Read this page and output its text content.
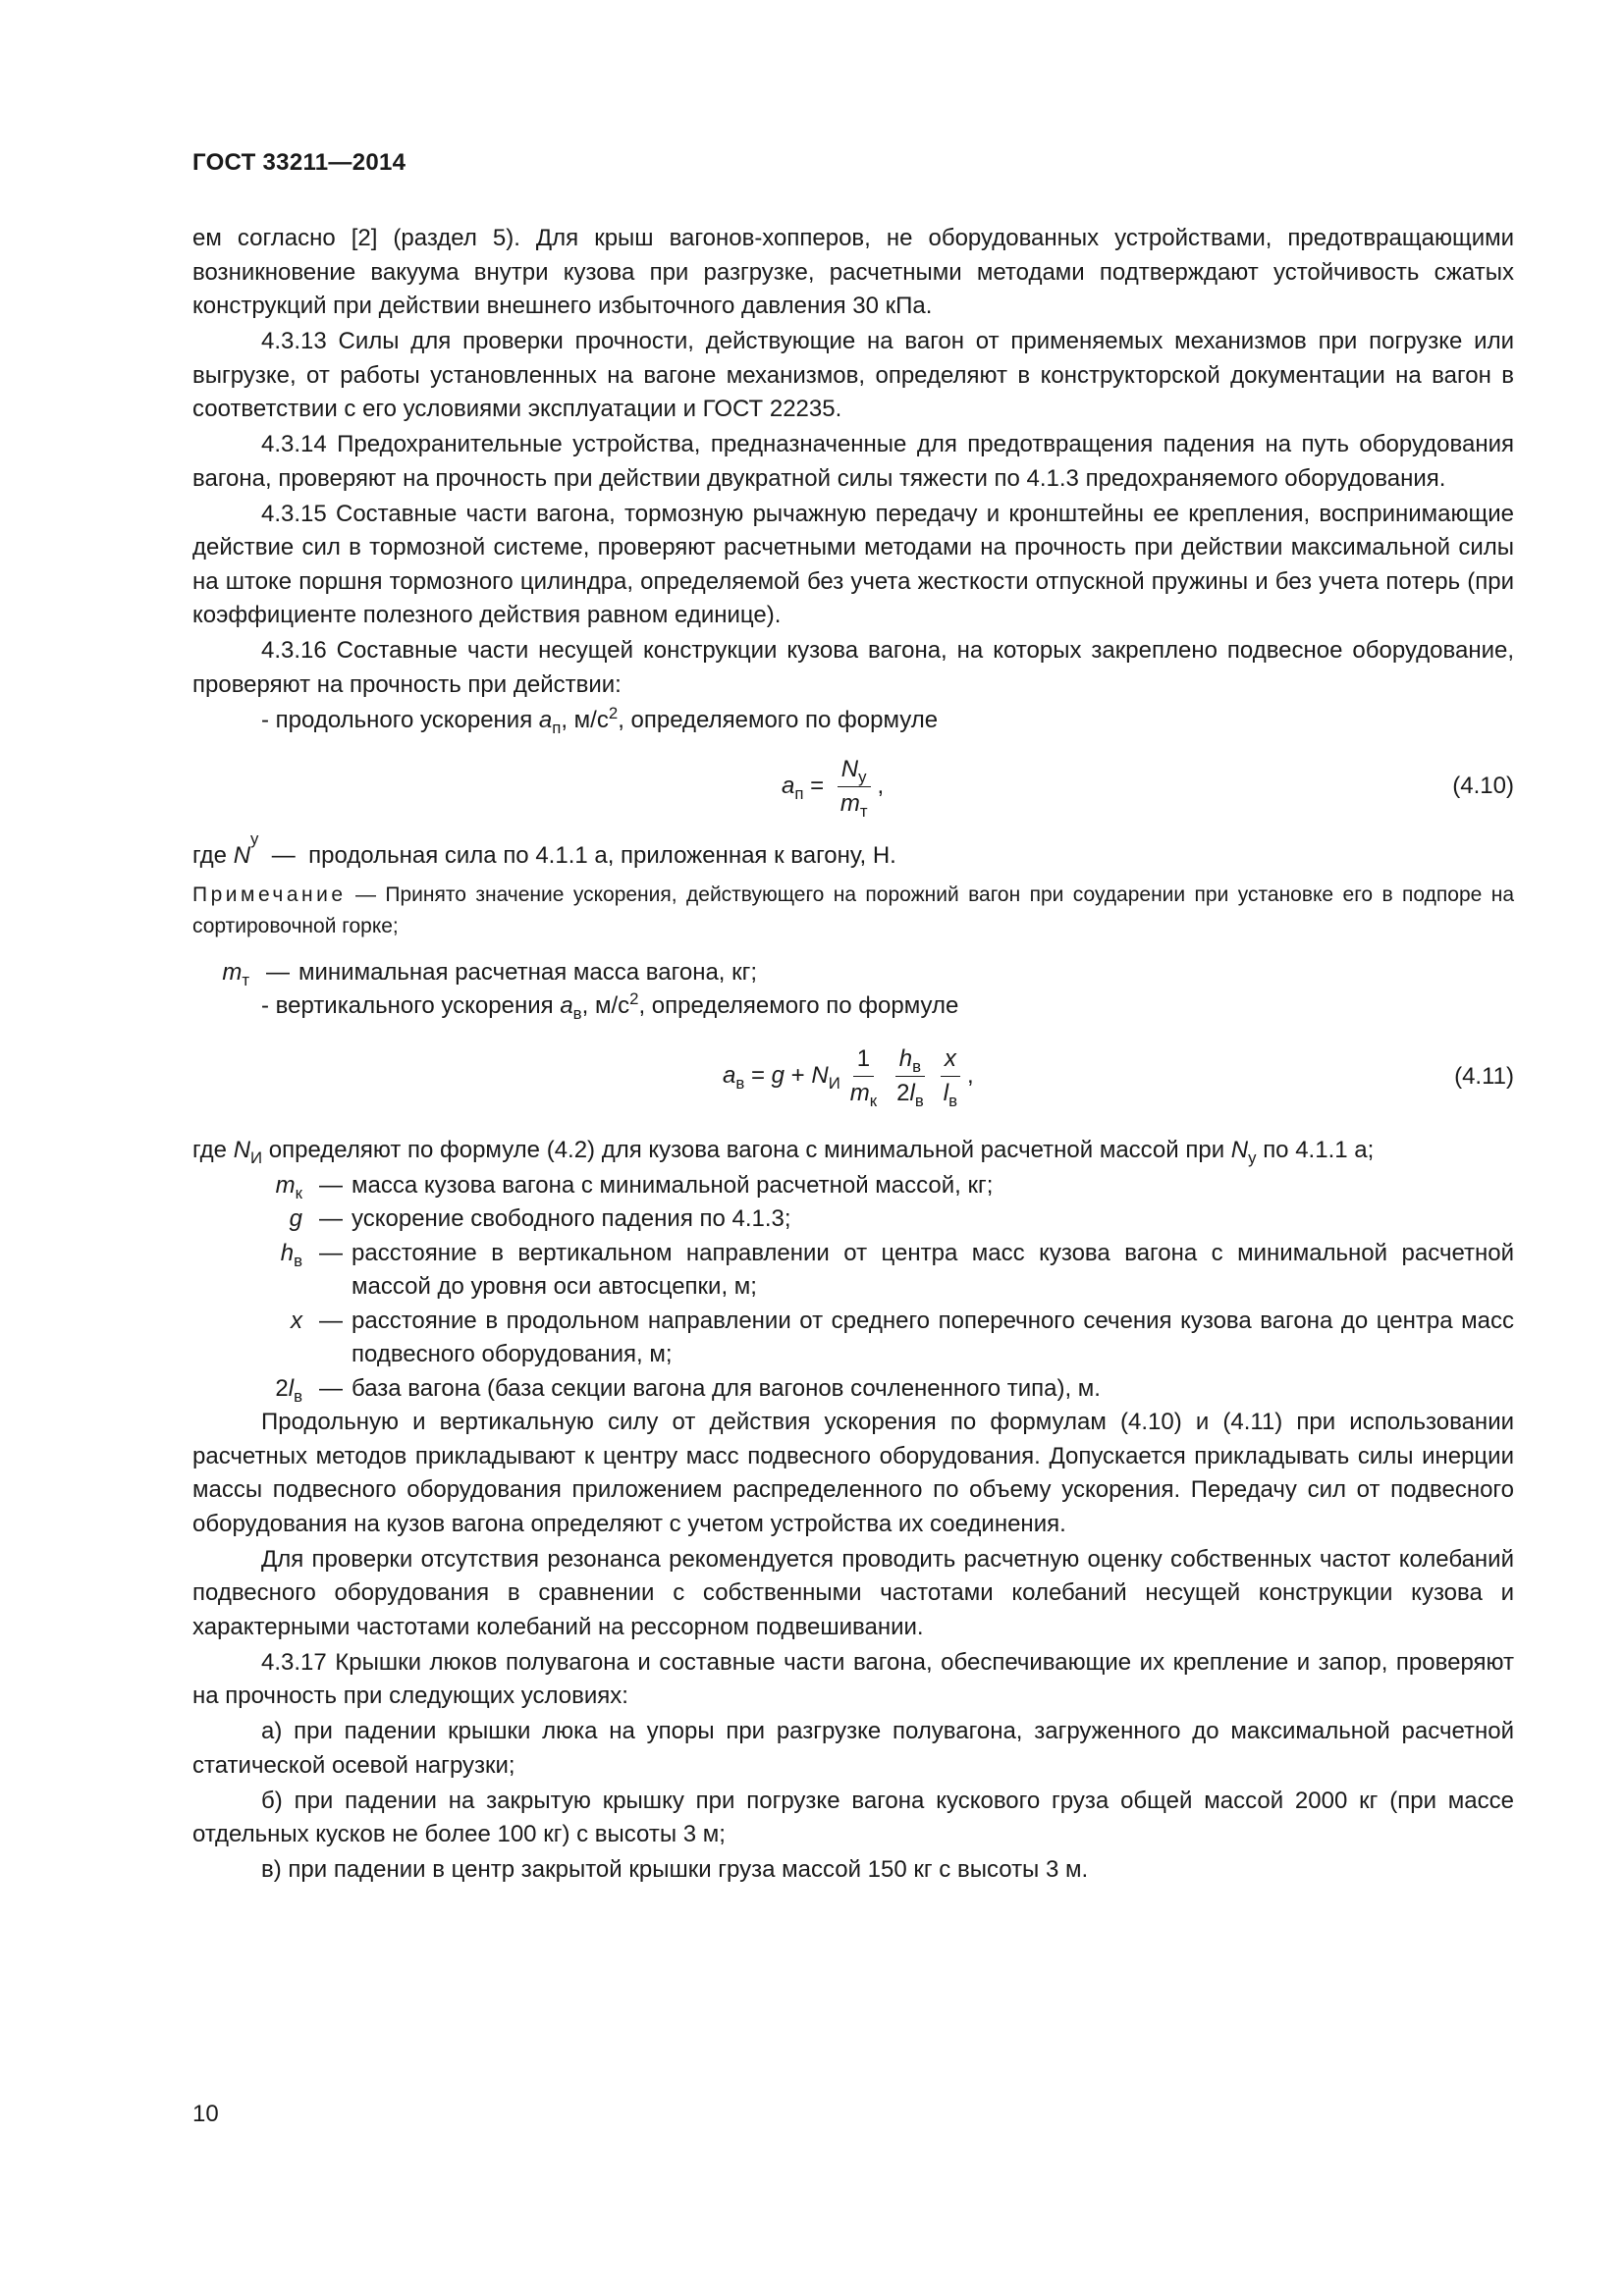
ГОСТ 33211—2014

ем согласно [2] (раздел 5). Для крыш вагонов-хопперов, не оборудованных устройствами, предотвращающими возникновение вакуума внутри кузова при разгрузке, расчетными методами подтверждают устойчивость сжатых конструкций при действии внешнего избыточного давления 30 кПа.

4.3.13 Силы для проверки прочности, действующие на вагон от применяемых механизмов при погрузке или выгрузке, от работы установленных на вагоне механизмов, определяют в конструкторской документации на вагон в соответствии с его условиями эксплуатации и ГОСТ 22235.

4.3.14 Предохранительные устройства, предназначенные для предотвращения падения на путь оборудования вагона, проверяют на прочность при действии двукратной силы тяжести по 4.1.3 предохраняемого оборудования.

4.3.15 Составные части вагона, тормозную рычажную передачу и кронштейны ее крепления, воспринимающие действие сил в тормозной системе, проверяют расчетными методами на прочность при действии максимальной силы на штоке поршня тормозного цилиндра, определяемой без учета жесткости отпускной пружины и без учета потерь (при коэффициенте полезного действия равном единице).

4.3.16 Составные части несущей конструкции кузова вагона, на которых закреплено подвесное оборудование, проверяют на прочность при действии:

- продольного ускорения $a_п$, $м/с^2$, определяемого по формуле

$a_п = \frac{N_у}{m_т}$ ,	(4.10)
где
N
у

—
продольная сила по 4.1.1 а, приложенная к вагону, Н.
Примечание — Принято значение ускорения, действующего на порожний вагон при соударении при установке его в подпоре на сортировочной горке;
$m_т$ — минимальная расчетная масса вагона, кг;

- вертикального ускорения $a_в$, $м/с^2$, определяемого по формуле

$a_в = g + N_И \frac{1}{m_к} \frac{h_в}{2l_в} \frac{x}{l_в}$ ,	(4.11)

где $N_И$ определяют по формуле (4.2) для кузова вагона с минимальной расчетной массой при $N_у$ по 4.1.1 а;

$m_к$ — масса кузова вагона с минимальной расчетной массой, кг;
g — ускорение свободного падения по 4.1.3;
$h_в$ — расстояние в вертикальном направлении от центра масс кузова вагона с минимальной расчетной массой до уровня оси автосцепки, м;
x — расстояние в продольном направлении от среднего поперечного сечения кузова вагона до центра масс подвесного оборудования, м;
$2l_в$ — база вагона (база секции вагона для вагонов сочлененного типа), м.

Продольную и вертикальную силу от действия ускорения по формулам (4.10) и (4.11) при использовании расчетных методов прикладывают к центру масс подвесного оборудования. Допускается прикладывать силы инерции массы подвесного оборудования приложением распределенного по объему ускорения. Передачу сил от подвесного оборудования на кузов вагона определяют с учетом устройства их соединения.

Для проверки отсутствия резонанса рекомендуется проводить расчетную оценку собственных частот колебаний подвесного оборудования в сравнении с собственными частотами колебаний несущей конструкции кузова и характерными частотами колебаний на рессорном подвешивании.

4.3.17 Крышки люков полувагона и составные части вагона, обеспечивающие их крепление и запор, проверяют на прочность при следующих условиях:

а) при падении крышки люка на упоры при разгрузке полувагона, загруженного до максимальной расчетной статической осевой нагрузки;

б) при падении на закрытую крышку при погрузке вагона кускового груза общей массой 2000 кг (при массе отдельных кусков не более 100 кг) с высоты 3 м;

в) при падении в центр закрытой крышки груза массой 150 кг с высоты 3 м.

10
